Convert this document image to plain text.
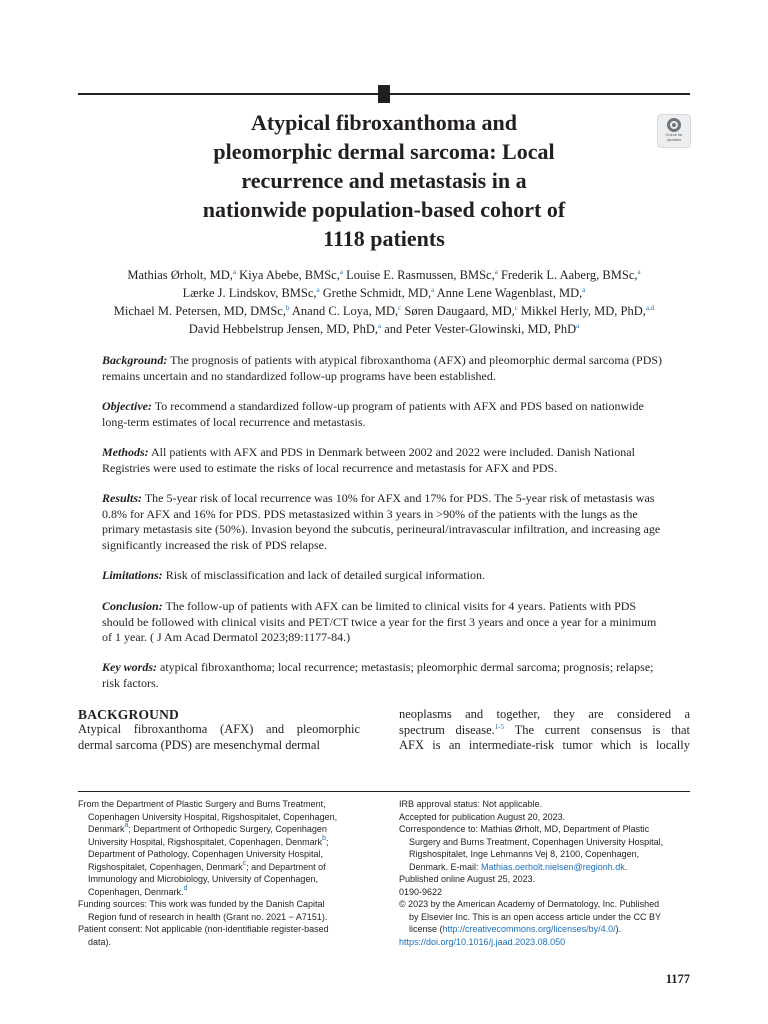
Check for updates
Atypical fibroxanthoma and
pleomorphic dermal sarcoma: Local
recurrence and metastasis in a
nationwide population-based cohort of
1118 patients
Mathias Ørholt, MD,$^a$ Kiya Abebe, BMSc,$^a$ Louise E. Rasmussen, BMSc,$^a$ Frederik L. Aaberg, BMSc,$^a$
Lærke J. Lindskov, BMSc,$^a$ Grethe Schmidt, MD,$^a$ Anne Lene Wagenblast, MD,$^a$
Michael M. Petersen, MD, DMSc,$^b$ Anand C. Loya, MD,$^c$ Søren Daugaard, MD,$^c$ Mikkel Herly, MD, PhD,$^{a,d}$
David Hebbelstrup Jensen, MD, PhD,$^a$ and Peter Vester-Glowinski, MD, PhD$^a$

Background: The prognosis of patients with atypical fibroxanthoma (AFX) and pleomorphic dermal sarcoma (PDS) remains uncertain and no standardized follow-up programs have been established.

Objective: To recommend a standardized follow-up program of patients with AFX and PDS based on nationwide long-term estimates of local recurrence and metastasis.

Methods: All patients with AFX and PDS in Denmark between 2002 and 2022 were included. Danish National Registries were used to estimate the risks of local recurrence and metastasis for AFX and PDS.

Results: The 5-year risk of local recurrence was 10% for AFX and 17% for PDS. The 5-year risk of metastasis was 0.8% for AFX and 16% for PDS. PDS metastasized within 3 years in >90% of the patients with the lungs as the primary metastasis site (50%). Invasion beyond the subcutis, perineural/intravascular infiltration, and increasing age significantly increased the risk of PDS relapse.

Limitations: Risk of misclassification and lack of detailed surgical information.

Conclusion: The follow-up of patients with AFX can be limited to clinical visits for 4 years. Patients with PDS should be followed with clinical visits and PET/CT twice a year for the first 3 years and once a year for a minimum of 1 year. ( J Am Acad Dermatol 2023;89:1177-84.)

Key words: atypical fibroxanthoma; local recurrence; metastasis; pleomorphic dermal sarcoma; prognosis; relapse; risk factors.

BACKGROUND
Atypical fibroxanthoma (AFX) and pleomorphic
dermal sarcoma (PDS) are mesenchymal dermal
neoplasms and together, they are considered a
spectrum disease.$^{1-5}$ The current consensus is that
AFX is an intermediate-risk tumor which is locally
From the Department of Plastic Surgery and Burns Treatment,
Copenhagen University Hospital, Rigshospitalet, Copenhagen,
Denmark$^a$; Department of Orthopedic Surgery, Copenhagen
University Hospital, Rigshospitalet, Copenhagen, Denmark$^b$;
Department of Pathology, Copenhagen University Hospital,
Rigshospitalet, Copenhagen, Denmark$^c$; and Department of
Immunology and Microbiology, University of Copenhagen,
Copenhagen, Denmark.$^d$
Funding sources: This work was funded by the Danish Capital
Region fund of research in health (Grant no. 2021 − A7151).
Patient consent: Not applicable (non-identifiable register-based
data).
IRB approval status: Not applicable.
Accepted for publication August 20, 2023.
Correspondence to: Mathias Ørholt, MD, Department of Plastic
Surgery and Burns Treatment, Copenhagen University Hospital,
Rigshospitalet, Inge Lehmanns Vej 8, 2100, Copenhagen,
Denmark. E-mail: Mathias.oerholt.nielsen@regionh.dk.
Published online August 25, 2023.
0190-9622
© 2023 by the American Academy of Dermatology, Inc. Published
by Elsevier Inc. This is an open access article under the CC BY
license (http://creativecommons.org/licenses/by/4.0/).
https://doi.org/10.1016/j.jaad.2023.08.050
1177
